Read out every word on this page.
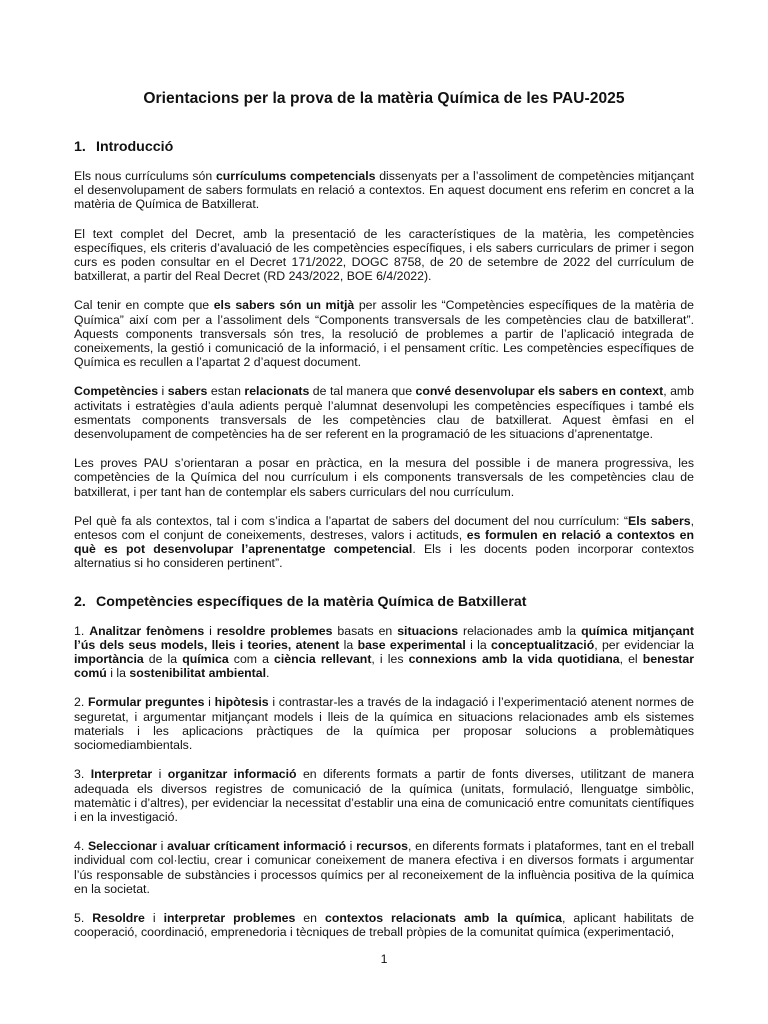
Orientacions per la prova de la matèria Química de les PAU-2025
1. Introducció
Els nous currículums són currículums competencials dissenyats per a l’assoliment de competències mitjançant el desenvolupament de sabers formulats en relació a contextos. En aquest document ens referim en concret a la matèria de Química de Batxillerat.
El text complet del Decret, amb la presentació de les característiques de la matèria, les competències específiques, els criteris d’avaluació de les competències específiques, i els sabers curriculars de primer i segon curs es poden consultar en el Decret 171/2022, DOGC 8758, de 20 de setembre de 2022 del currículum de batxillerat, a partir del Real Decret (RD 243/2022, BOE 6/4/2022).
Cal tenir en compte que els sabers són un mitjà per assolir les “Competències específiques de la matèria de Química” així com per a l’assoliment dels “Components transversals de les competències clau de batxillerat”. Aquests components transversals són tres, la resolució de problemes a partir de l’aplicació integrada de coneixements, la gestió i comunicació de la informació, i el pensament crític. Les competències específiques de Química es recullen a l’apartat 2 d’aquest document.
Competències i sabers estan relacionats de tal manera que convé desenvolupar els sabers en context, amb activitats i estratègies d’aula adients perquè l’alumnat desenvolupi les competències específiques i també els esmentats components transversals de les competències clau de batxillerat. Aquest èmfasi en el desenvolupament de competències ha de ser referent en la programació de les situacions d’aprenentatge.
Les proves PAU s’orientaran a posar en pràctica, en la mesura del possible i de manera progressiva, les competències de la Química del nou currículum i els components transversals de les competències clau de batxillerat, i per tant han de contemplar els sabers curriculars del nou currículum.
Pel què fa als contextos, tal i com s’indica a l’apartat de sabers del document del nou currículum: “Els sabers, entesos com el conjunt de coneixements, destreses, valors i actituds, es formulen en relació a contextos en què es pot desenvolupar l’aprenentatge competencial. Els i les docents poden incorporar contextos alternatius si ho consideren pertinent”.
2. Competències específiques de la matèria Química de Batxillerat
1. Analitzar fenòmens i resoldre problemes basats en situacions relacionades amb la química mitjançant l’ús dels seus models, lleis i teories, atenent la base experimental i la conceptualització, per evidenciar la importància de la química com a ciència rellevant, i les connexions amb la vida quotidiana, el benestar comú i la sostenibilitat ambiental.
2. Formular preguntes i hipòtesis i contrastar-les a través de la indagació i l’experimentació atenent normes de seguretat, i argumentar mitjançant models i lleis de la química en situacions relacionades amb els sistemes materials i les aplicacions pràctiques de la química per proposar solucions a problemàtiques sociomediambientals.
3. Interpretar i organitzar informació en diferents formats a partir de fonts diverses, utilitzant de manera adequada els diversos registres de comunicació de la química (unitats, formulació, llenguatge simbòlic, matemàtic i d’altres), per evidenciar la necessitat d’establir una eina de comunicació entre comunitats científiques i en la investigació.
4. Seleccionar i avaluar críticament informació i recursos, en diferents formats i plataformes, tant en el treball individual com col·lectiu, crear i comunicar coneixement de manera efectiva i en diversos formats i argumentar l’ús responsable de substàncies i processos químics per al reconeixement de la influència positiva de la química en la societat.
5. Resoldre i interpretar problemes en contextos relacionats amb la química, aplicant habilitats de cooperació, coordinació, emprenedoria i tècniques de treball pròpies de la comunitat química (experimentació,
1
